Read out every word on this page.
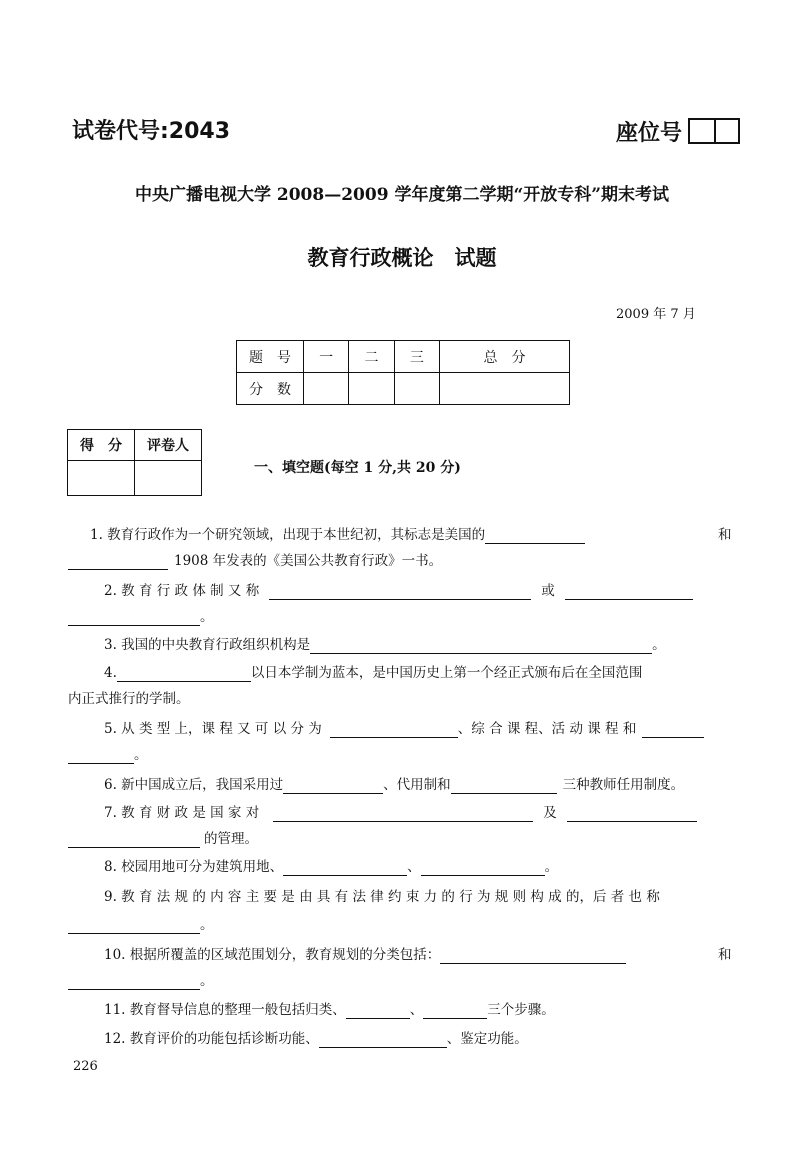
试卷代号:2043	座位号
中央广播电视大学 2008—2009 学年度第二学期“开放专科”期末考试
教育行政概论　试题
2009 年 7 月
题　号	一	二	三	总　分
分　数				
得　分	评卷人

一、填空题(每空 1 分,共 20 分)
1. 教育行政作为一个研究领域，出现于本世纪初，其标志是美国的	和
1908 年发表的《美国公共教育行政》一书。
2. 教 育 行 政 体 制 又 称	或
。
3. 我国的中央教育行政组织机构是	。
4.	以日本学制为蓝本，是中国历史上第一个经正式颁布后在全国范围
内正式推行的学制。
5. 从 类 型 上，课 程 又 可 以 分 为	、综 合 课 程、活 动 课 程 和
。
6. 新中国成立后，我国采用过	、代用制和	三种教师任用制度。
7. 教 育 财 政 是 国 家 对	及
的管理。
8. 校园用地可分为建筑用地、	、	。
9. 教 育 法 规 的 内 容 主 要 是 由 具 有 法 律 约 束 力 的 行 为 规 则 构 成 的，后 者 也 称
。
10. 根据所覆盖的区域范围划分，教育规划的分类包括：	和
。
11. 教育督导信息的整理一般包括归类、	、	三个步骤。
12. 教育评价的功能包括诊断功能、	、鉴定功能。
226
